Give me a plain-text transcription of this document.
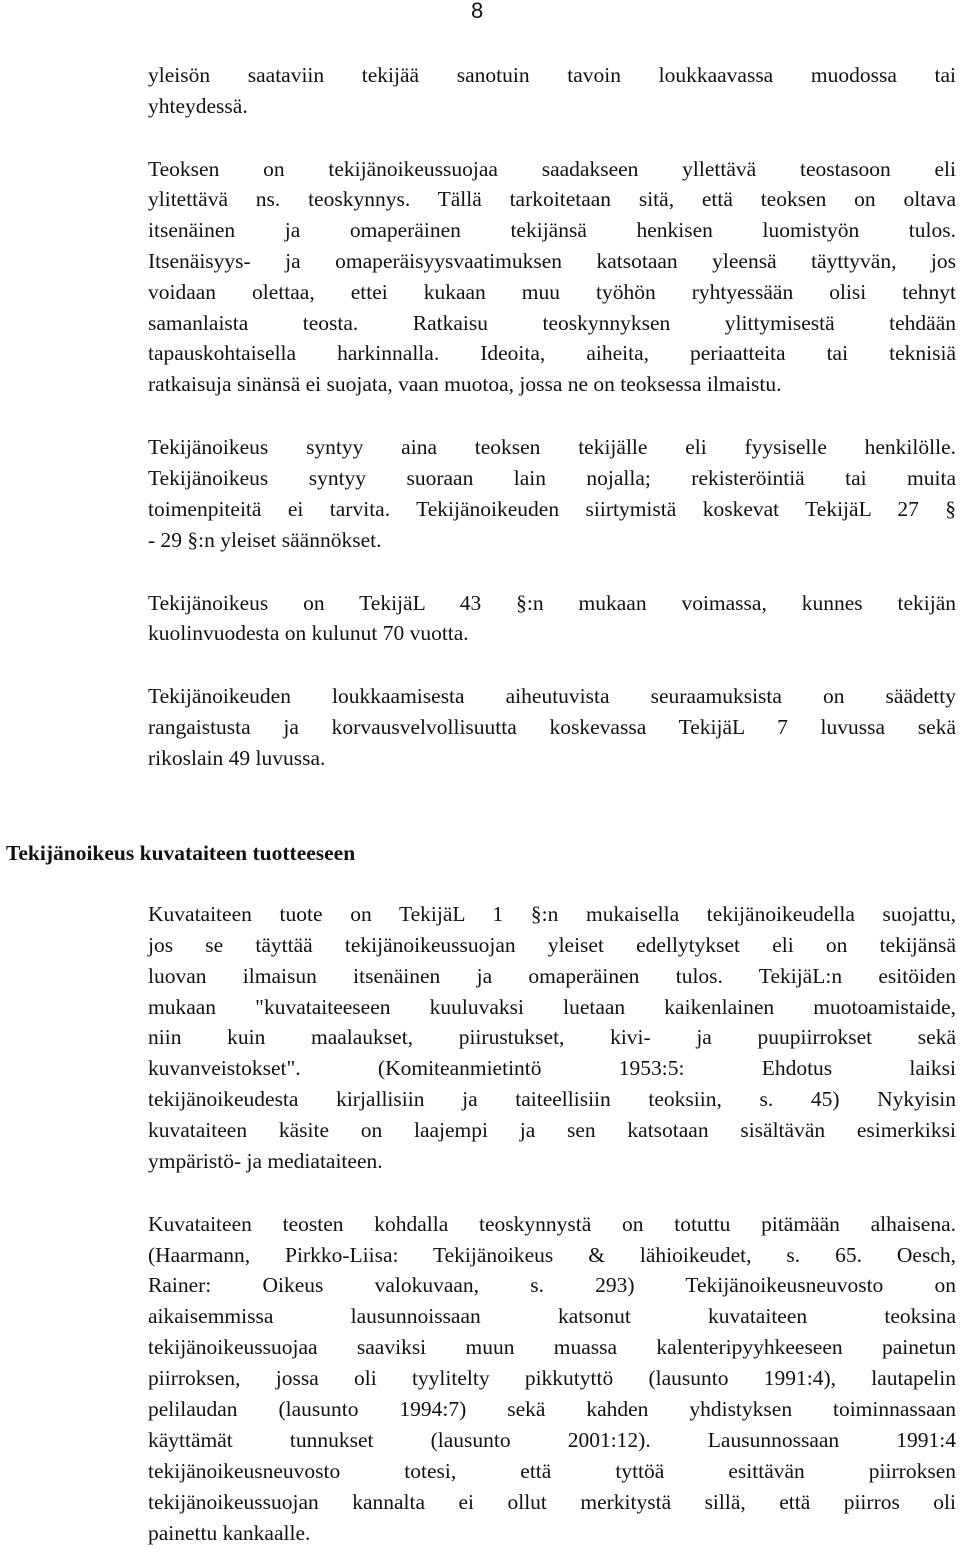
8
yleisön saataviin tekijää sanotuin tavoin loukkaavassa muodossa tai
yhteydessä.
Teoksen on tekijänoikeussuojaa saadakseen yllettävä teostasoon eli
ylitettävä ns. teoskynnys. Tällä tarkoitetaan sitä, että teoksen on oltava
itsenäinen ja omaperäinen tekijänsä henkisen luomistyön tulos.
Itsenäisyys- ja omaperäisyysvaatimuksen katsotaan yleensä täyttyvän, jos
voidaan olettaa, ettei kukaan muu työhön ryhtyessään olisi tehnyt
samanlaista teosta. Ratkaisu teoskynnyksen ylittymisestä tehdään
tapauskohtaisella harkinnalla. Ideoita, aiheita, periaatteita tai teknisiä
ratkaisuja sinänsä ei suojata, vaan muotoa, jossa ne on teoksessa ilmaistu.
Tekijänoikeus syntyy aina teoksen tekijälle eli fyysiselle henkilölle.
Tekijänoikeus syntyy suoraan lain nojalla; rekisteröintiä tai muita
toimenpiteitä ei tarvita. Tekijänoikeuden siirtymistä koskevat TekijäL 27 §
- 29 §:n yleiset säännökset.
Tekijänoikeus on TekijäL 43 §:n mukaan voimassa, kunnes tekijän
kuolinvuodesta on kulunut 70 vuotta.
Tekijänoikeuden loukkaamisesta aiheutuvista seuraamuksista on säädetty
rangaistusta ja korvausvelvollisuutta koskevassa TekijäL 7 luvussa sekä
rikoslain 49 luvussa.
Tekijänoikeus kuvataiteen tuotteeseen
Kuvataiteen tuote on TekijäL 1 §:n mukaisella tekijänoikeudella suojattu,
jos se täyttää tekijänoikeussuojan yleiset edellytykset eli on tekijänsä
luovan ilmaisun itsenäinen ja omaperäinen tulos. TekijäL:n esitöiden
mukaan "kuvataiteeseen kuuluvaksi luetaan kaikenlainen muotoamistaide,
niin kuin maalaukset, piirustukset, kivi- ja puupiirrokset sekä
kuvanveistokset". (Komiteanmietintö 1953:5: Ehdotus laiksi
tekijänoikeudesta kirjallisiin ja taiteellisiin teoksiin, s. 45) Nykyisin
kuvataiteen käsite on laajempi ja sen katsotaan sisältävän esimerkiksi
ympäristö- ja mediataiteen.
Kuvataiteen teosten kohdalla teoskynnystä on totuttu pitämään alhaisena.
(Haarmann, Pirkko-Liisa: Tekijänoikeus & lähioikeudet, s. 65. Oesch,
Rainer: Oikeus valokuvaan, s. 293) Tekijänoikeusneuvosto on
aikaisemmissa lausunnoissaan katsonut kuvataiteen teoksina
tekijänoikeussuojaa saaviksi muun muassa kalenteripyyhkeeseen painetun
piirroksen, jossa oli tyylitelty pikkutyttö (lausunto 1991:4), lautapelin
pelilaudan (lausunto 1994:7) sekä kahden yhdistyksen toiminnassaan
käyttämät tunnukset (lausunto 2001:12). Lausunnossaan 1991:4
tekijänoikeusneuvosto totesi, että tyttöä esittävän piirroksen
tekijänoikeussuojan kannalta ei ollut merkitystä sillä, että piirros oli
painettu kankaalle.
